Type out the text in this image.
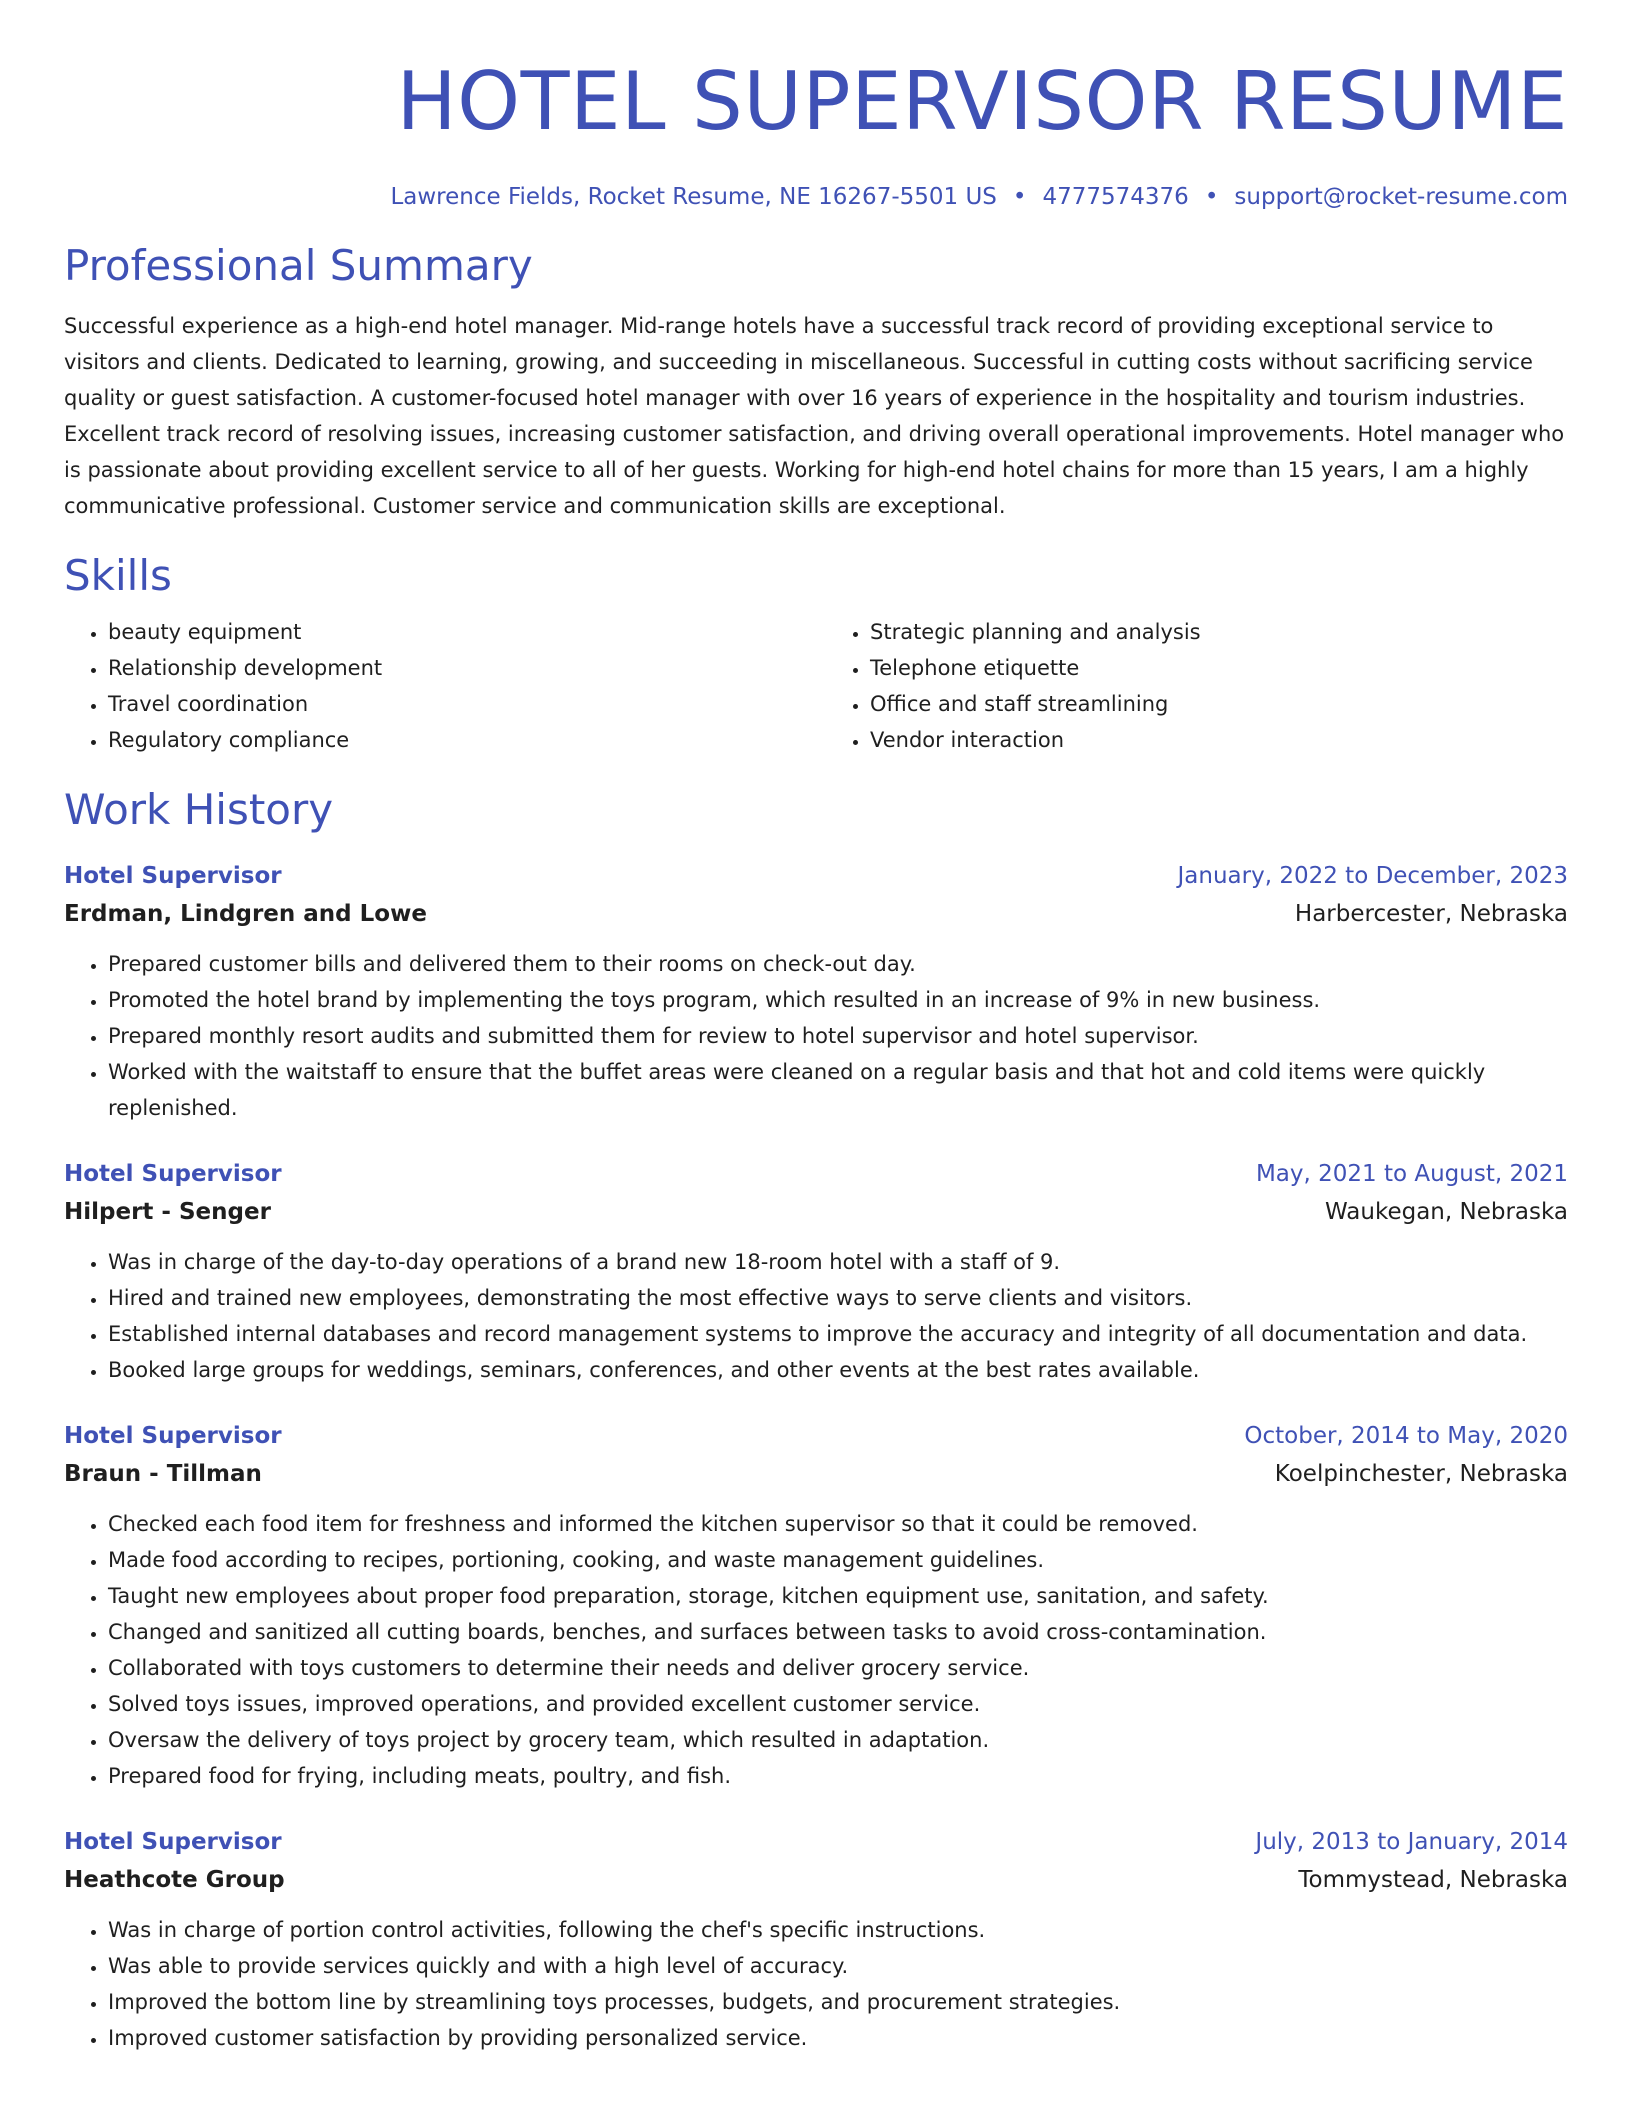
HOTEL SUPERVISOR RESUME
Lawrence Fields, Rocket Resume, NE 16267-5501 US • 4777574376 • support@rocket-resume.com
Professional Summary
Successful experience as a high-end hotel manager. Mid-range hotels have a successful track record of providing exceptional service to visitors and clients. Dedicated to learning, growing, and succeeding in miscellaneous. Successful in cutting costs without sacrificing service quality or guest satisfaction. A customer-focused hotel manager with over 16 years of experience in the hospitality and tourism industries. Excellent track record of resolving issues, increasing customer satisfaction, and driving overall operational improvements. Hotel manager who is passionate about providing excellent service to all of her guests. Working for high-end hotel chains for more than 15 years, I am a highly communicative professional. Customer service and communication skills are exceptional.
Skills
• beauty equipment
• Relationship development
• Travel coordination
• Regulatory compliance
• Strategic planning and analysis
• Telephone etiquette
• Office and staff streamlining
• Vendor interaction
Work History
Hotel Supervisor	January, 2022 to December, 2023
Erdman, Lindgren and Lowe	Harbercester, Nebraska
• Prepared customer bills and delivered them to their rooms on check-out day.
• Promoted the hotel brand by implementing the toys program, which resulted in an increase of 9% in new business.
• Prepared monthly resort audits and submitted them for review to hotel supervisor and hotel supervisor.
• Worked with the waitstaff to ensure that the buffet areas were cleaned on a regular basis and that hot and cold items were quickly replenished.
Hotel Supervisor	May, 2021 to August, 2021
Hilpert - Senger	Waukegan, Nebraska
• Was in charge of the day-to-day operations of a brand new 18-room hotel with a staff of 9.
• Hired and trained new employees, demonstrating the most effective ways to serve clients and visitors.
• Established internal databases and record management systems to improve the accuracy and integrity of all documentation and data.
• Booked large groups for weddings, seminars, conferences, and other events at the best rates available.
Hotel Supervisor	October, 2014 to May, 2020
Braun - Tillman	Koelpinchester, Nebraska
• Checked each food item for freshness and informed the kitchen supervisor so that it could be removed.
• Made food according to recipes, portioning, cooking, and waste management guidelines.
• Taught new employees about proper food preparation, storage, kitchen equipment use, sanitation, and safety.
• Changed and sanitized all cutting boards, benches, and surfaces between tasks to avoid cross-contamination.
• Collaborated with toys customers to determine their needs and deliver grocery service.
• Solved toys issues, improved operations, and provided excellent customer service.
• Oversaw the delivery of toys project by grocery team, which resulted in adaptation.
• Prepared food for frying, including meats, poultry, and fish.
Hotel Supervisor	July, 2013 to January, 2014
Heathcote Group	Tommystead, Nebraska
• Was in charge of portion control activities, following the chef's specific instructions.
• Was able to provide services quickly and with a high level of accuracy.
• Improved the bottom line by streamlining toys processes, budgets, and procurement strategies.
• Improved customer satisfaction by providing personalized service.
